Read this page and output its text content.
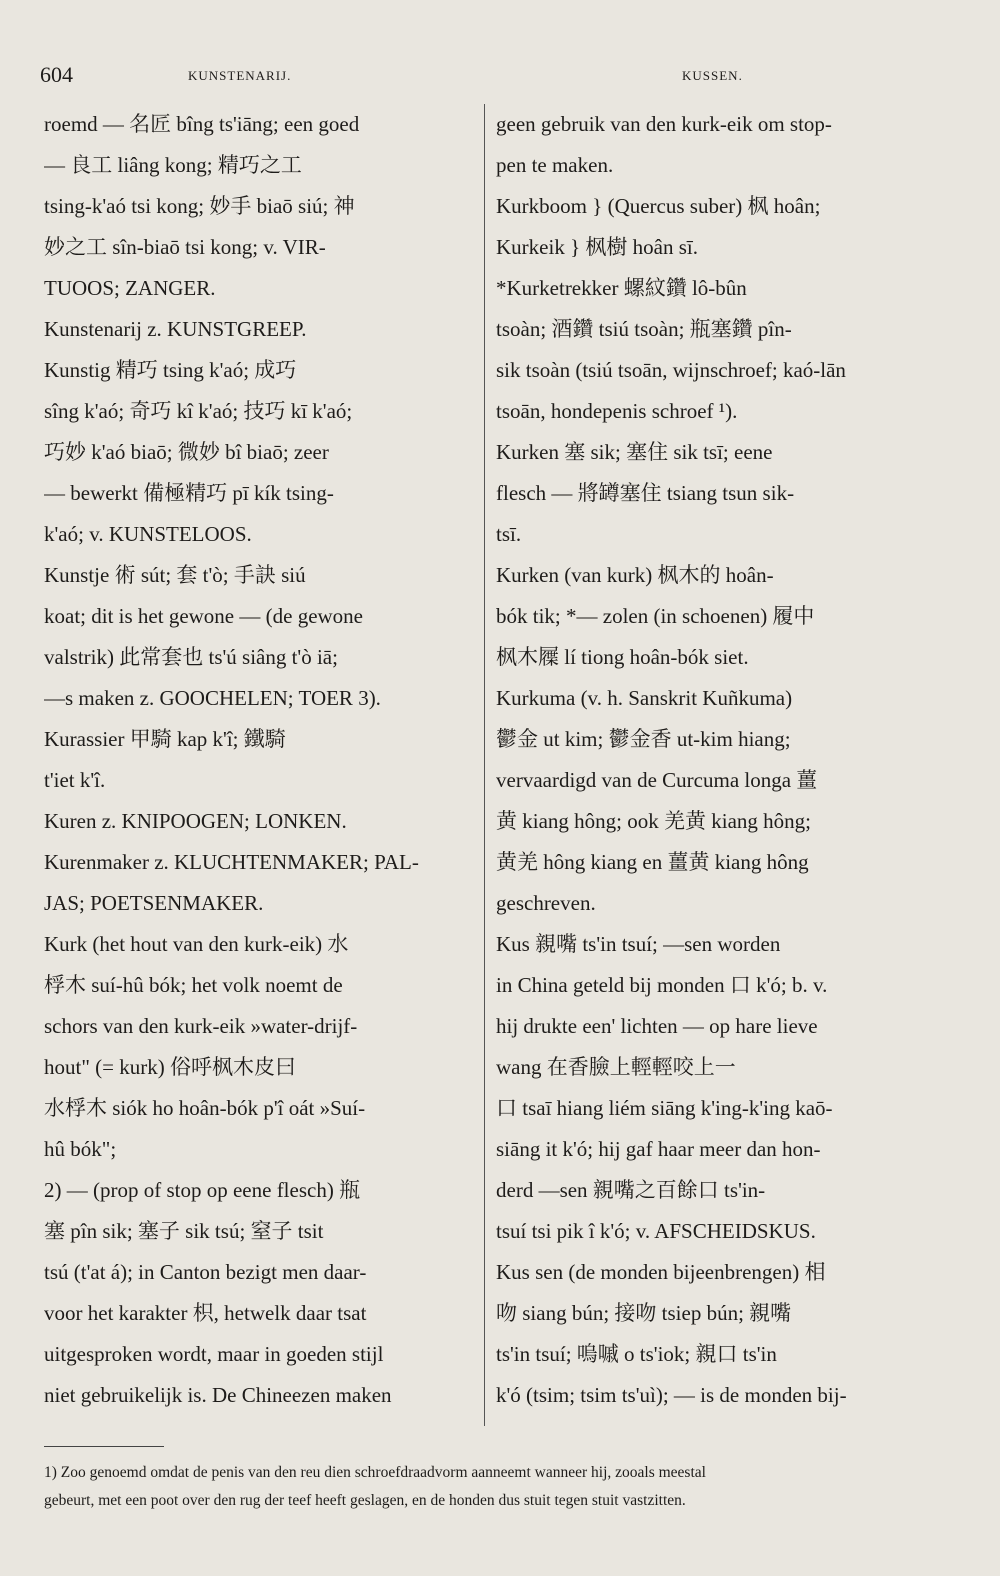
604	KUNSTENARIJ.	KUSSEN.
roemd — 名匠 bîng ts'iāng; een goed
— 良工 liâng kong; 精巧之工
tsing-k'aó tsi kong; 妙手 biaō siú; 神
妙之工 sîn-biaō tsi kong; v. VIR-
TUOOS; ZANGER.
Kunstenarij z. KUNSTGREEP.
Kunstig 精巧 tsing k'aó; 成巧
sîng k'aó; 奇巧 kî k'aó; 技巧 kī k'aó;
巧妙 k'aó biaō; 微妙 bî biaō; zeer
— bewerkt 備極精巧 pī kík tsing-
k'aó; v. KUNSTELOOS.
Kunstje 術 sút; 套 t'ò; 手訣 siú
koat; dit is het gewone — (de gewone
valstrik) 此常套也 ts'ú siâng t'ò iā;
—s maken z. GOOCHELEN; TOER 3).
Kurassier 甲騎 kap k'î; 鐵騎
t'iet k'î.
Kuren z. KNIPOOGEN; LONKEN.
Kurenmaker z. KLUCHTENMAKER; PAL-
JAS; POETSENMAKER.
Kurk (het hout van den kurk-eik) 水
桴木 suí-hû bók; het volk noemt de
schors van den kurk-eik »water-drijf-
hout" (= kurk) 俗呼枫木皮曰
水桴木 siók ho hoân-bók p'î oát »Suí-
hû bók";
2) — (prop of stop op eene flesch) 瓶
塞 pîn sik; 塞子 sik tsú; 窒子 tsit
tsú (t'at á); in Canton bezigt men daar-
voor het karakter 枳, hetwelk daar tsat
uitgesproken wordt, maar in goeden stijl
niet gebruikelijk is. De Chineezen maken
geen gebruik van den kurk-eik om stop-
pen te maken.
Kurkboom } (Quercus suber) 枫 hoân;
Kurkeik } 枫樹 hoân sī.
*Kurketrekker 螺紋鑽 lô-bûn
tsoàn; 酒鑽 tsiú tsoàn; 瓶塞鑽 pîn-
sik tsoàn (tsiú tsoān, wijnschroef; kaó-lān
tsoān, hondepenis schroef ¹).
Kurken 塞 sik; 塞住 sik tsī; eene
flesch — 將罇塞住 tsiang tsun sik-
tsī.
Kurken (van kurk) 枫木的 hoân-
bók tik; *— zolen (in schoenen) 履中
枫木屧 lí tiong hoân-bók siet.
Kurkuma (v. h. Sanskrit Kuñkuma)
鬱金 ut kim; 鬱金香 ut-kim hiang;
vervaardigd van de Curcuma longa 薑
黄 kiang hông; ook 羌黄 kiang hông;
黄羌 hông kiang en 薑黄 kiang hông
geschreven.
Kus 親嘴 ts'in tsuí; —sen worden
in China geteld bij monden 口 k'ó; b. v.
hij drukte een' lichten — op hare lieve
wang 在香臉上輕輕咬上一
口 tsaī hiang liém siāng k'ing-k'ing kaō-
siāng it k'ó; hij gaf haar meer dan hon-
derd —sen 親嘴之百餘口 ts'in-
tsuí tsi pik î k'ó; v. AFSCHEIDSKUS.
Kus sen (de monden bijeenbrengen) 相
吻 siang bún; 接吻 tsiep bún; 親嘴
ts'in tsuí; 嗚嘁 o ts'iok; 親口 ts'in
k'ó (tsim; tsim ts'uì); — is de monden bij-
1) Zoo genoemd omdat de penis van den reu dien schroefdraadvorm aanneemt wanneer hij, zooals meestal
gebeurt, met een poot over den rug der teef heeft geslagen, en de honden dus stuit tegen stuit vastzitten.
